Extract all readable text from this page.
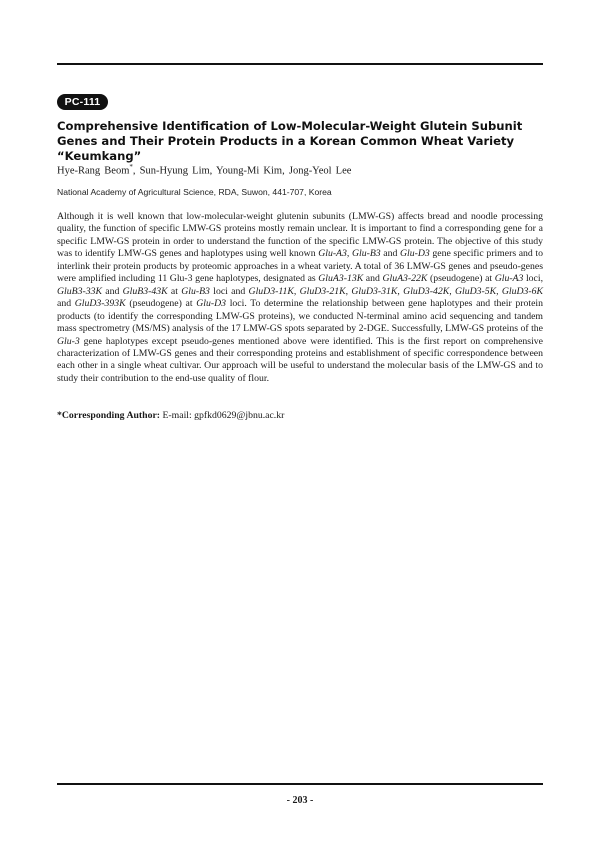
PC-111
Comprehensive Identification of Low-Molecular-Weight Glutein Subunit Genes and Their Protein Products in a Korean Common Wheat Variety “Keumkang”

Hye-Rang Beom*, Sun-Hyung Lim, Young-Mi Kim, Jong-Yeol Lee

National Academy of Agricultural Science, RDA, Suwon, 441-707, Korea

Although it is well known that low-molecular-weight glutenin subunits (LMW-GS) affects bread and noodle processing quality, the function of specific LMW-GS proteins mostly remain unclear. It is important to find a corresponding gene for a specific LMW-GS protein in order to understand the function of the specific LMW-GS protein. The objective of this study was to identify LMW-GS genes and haplotypes using well known Glu-A3, Glu-B3 and Glu-D3 gene specific primers and to interlink their protein products by proteomic approaches in a wheat variety. A total of 36 LMW-GS genes and pseudo-genes were amplified including 11 Glu-3 gene haplotypes, designated as GluA3-13K and GluA3-22K (pseudogene) at Glu-A3 loci, GluB3-33K and GluB3-43K at Glu-B3 loci and GluD3-11K, GluD3-21K, GluD3-31K, GluD3-42K, GluD3-5K, GluD3-6K and GluD3-393K (pseudogene) at Glu-D3 loci. To determine the relationship between gene haplotypes and their protein products (to identify the corresponding LMW-GS proteins), we conducted N-terminal amino acid sequencing and tandem mass spectrometry (MS/MS) analysis of the 17 LMW-GS spots separated by 2-DGE. Successfully, LMW-GS proteins of the Glu-3 gene haplotypes except pseudo-genes mentioned above were identified. This is the first report on comprehensive characterization of LMW-GS genes and their corresponding proteins and establishment of specific correspondence between each other in a single wheat cultivar. Our approach will be useful to understand the molecular basis of the LMW-GS and to study their contribution to the end-use quality of flour.

*Corresponding Author: E-mail: gpfkd0629@jbnu.ac.kr

- 203 -
